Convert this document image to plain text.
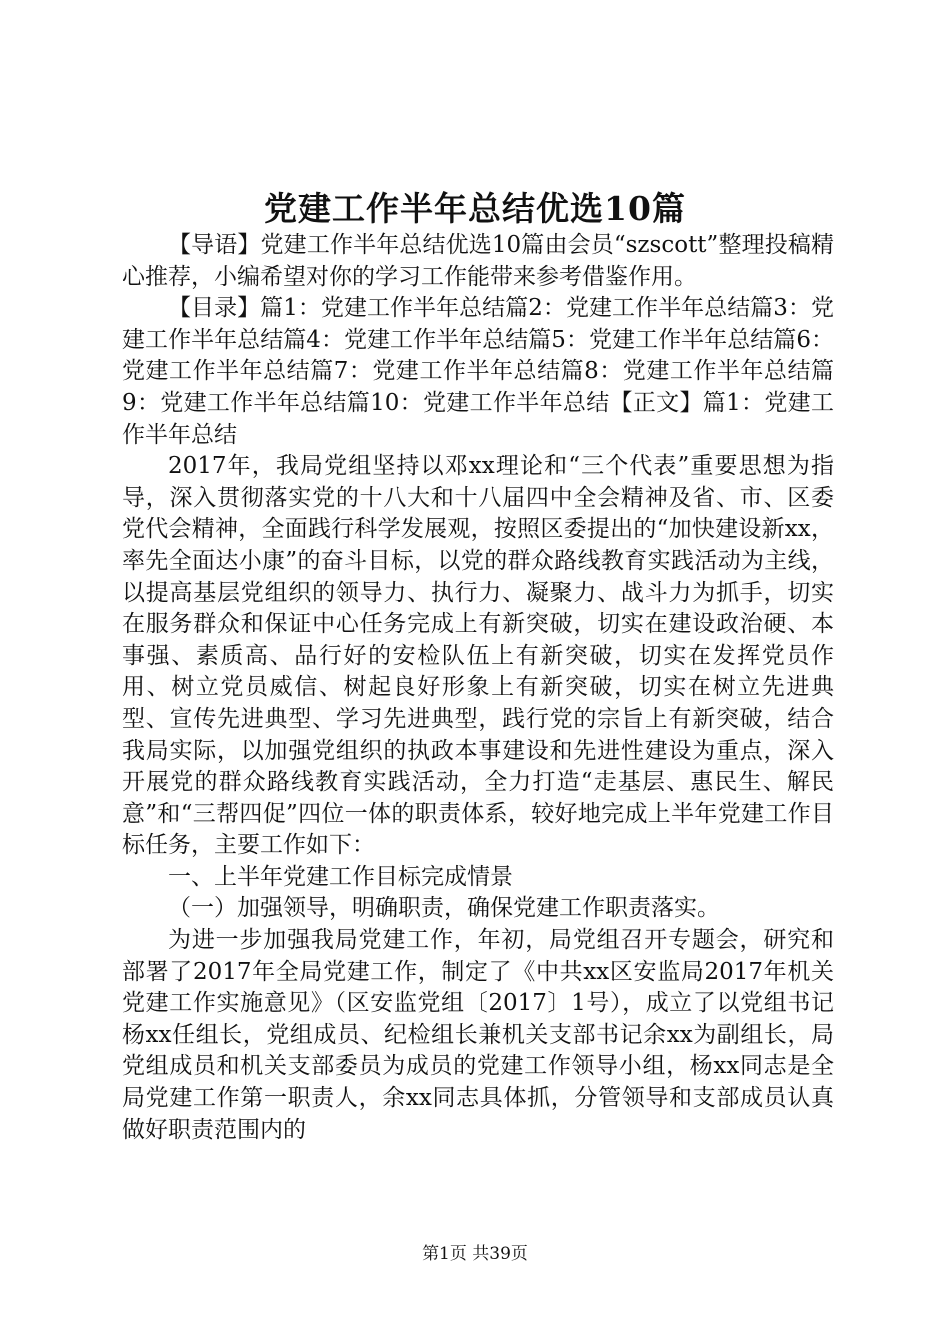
党建工作半年总结优选10篇

【导语】党建工作半年总结优选10篇由会员“szscott”整理投稿精心推荐，小编希望对你的学习工作能带来参考借鉴作用。

【目录】篇1：党建工作半年总结篇2：党建工作半年总结篇3：党建工作半年总结篇4：党建工作半年总结篇5：党建工作半年总结篇6：党建工作半年总结篇7：党建工作半年总结篇8：党建工作半年总结篇9：党建工作半年总结篇10：党建工作半年总结【正文】篇1：党建工作半年总结

2017年，我局党组坚持以邓xx理论和“三个代表”重要思想为指导，深入贯彻落实党的十八大和十八届四中全会精神及省、市、区委党代会精神，全面践行科学发展观，按照区委提出的“加快建设新xx，率先全面达小康”的奋斗目标，以党的群众路线教育实践活动为主线，以提高基层党组织的领导力、执行力、凝聚力、战斗力为抓手，切实在服务群众和保证中心任务完成上有新突破，切实在建设政治硬、本事强、素质高、品行好的安检队伍上有新突破，切实在发挥党员作用、树立党员威信、树起良好形象上有新突破，切实在树立先进典型、宣传先进典型、学习先进典型，践行党的宗旨上有新突破，结合我局实际，以加强党组织的执政本事建设和先进性建设为重点，深入开展党的群众路线教育实践活动，全力打造“走基层、惠民生、解民意”和“三帮四促”四位一体的职责体系，较好地完成上半年党建工作目标任务，主要工作如下：

一、上半年党建工作目标完成情景

（一）加强领导，明确职责，确保党建工作职责落实。

为进一步加强我局党建工作，年初，局党组召开专题会，研究和部署了2017年全局党建工作，制定了《中共xx区安监局2017年机关党建工作实施意见》（区安监党组〔2017〕1号），成立了以党组书记杨xx任组长，党组成员、纪检组长兼机关支部书记余xx为副组长，局党组成员和机关支部委员为成员的党建工作领导小组，杨xx同志是全局党建工作第一职责人，余xx同志具体抓，分管领导和支部成员认真做好职责范围内的

第1页 共39页
